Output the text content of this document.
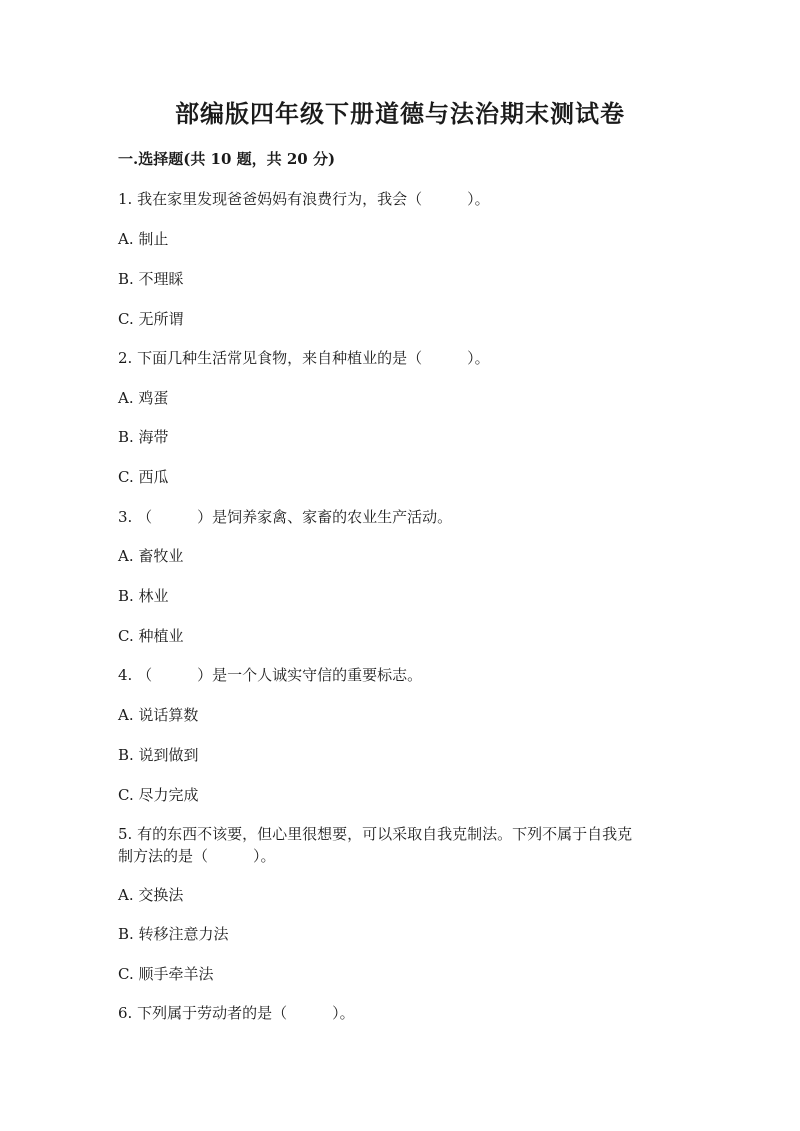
部编版四年级下册道德与法治期末测试卷

一.选择题(共 10 题，共 20 分)

1. 我在家里发现爸爸妈妈有浪费行为，我会（　　　）。

A. 制止

B. 不理睬

C. 无所谓

2. 下面几种生活常见食物，来自种植业的是（　　　）。

A. 鸡蛋

B. 海带

C. 西瓜

3. （　　　）是饲养家禽、家畜的农业生产活动。

A. 畜牧业

B. 林业

C. 种植业

4. （　　　）是一个人诚实守信的重要标志。

A. 说话算数

B. 说到做到

C. 尽力完成

5. 有的东西不该要，但心里很想要，可以采取自我克制法。下列不属于自我克

制方法的是（　　　）。

A. 交换法

B. 转移注意力法

C. 顺手牵羊法

6. 下列属于劳动者的是（　　　）。
